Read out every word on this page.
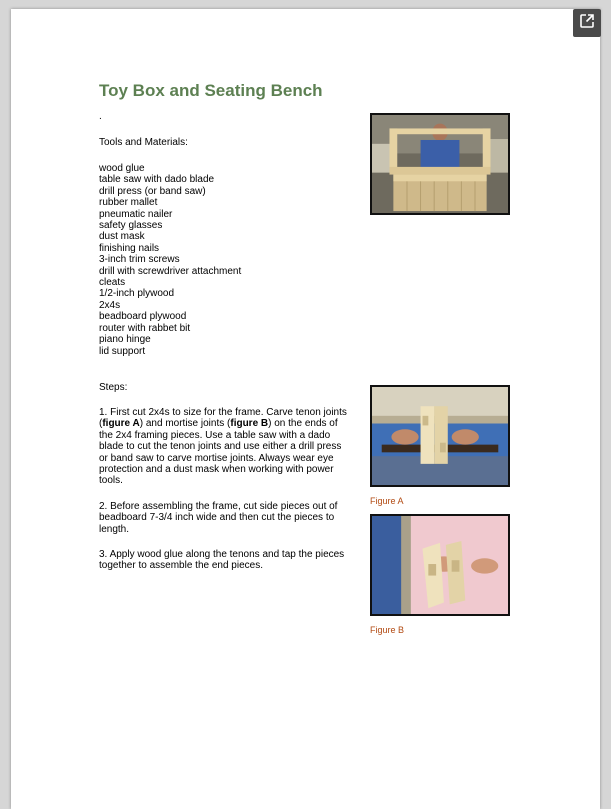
Toy Box and Seating Bench

.

Tools and Materials:

wood glue
table saw with dado blade
drill press (or band saw)
rubber mallet
pneumatic nailer
safety glasses
dust mask
finishing nails
3-inch trim screws
drill with screwdriver attachment
cleats
1/2-inch plywood
2x4s
beadboard plywood
router with rabbet bit
piano hinge
lid support

Steps:

1. First cut 2x4s to size for the frame. Carve tenon joints (figure A) and mortise joints (figure B) on the ends of the 2x4 framing pieces. Use a table saw with a dado blade to cut the tenon joints and use either a drill press or band saw to carve mortise joints. Always wear eye protection and a dust mask when working with power tools.

2. Before assembling the frame, cut side pieces out of beadboard 7-3/4 inch wide and then cut the pieces to length.

3. Apply wood glue along the tenons and tap the pieces together to assemble the end pieces.

Figure A

Figure B
